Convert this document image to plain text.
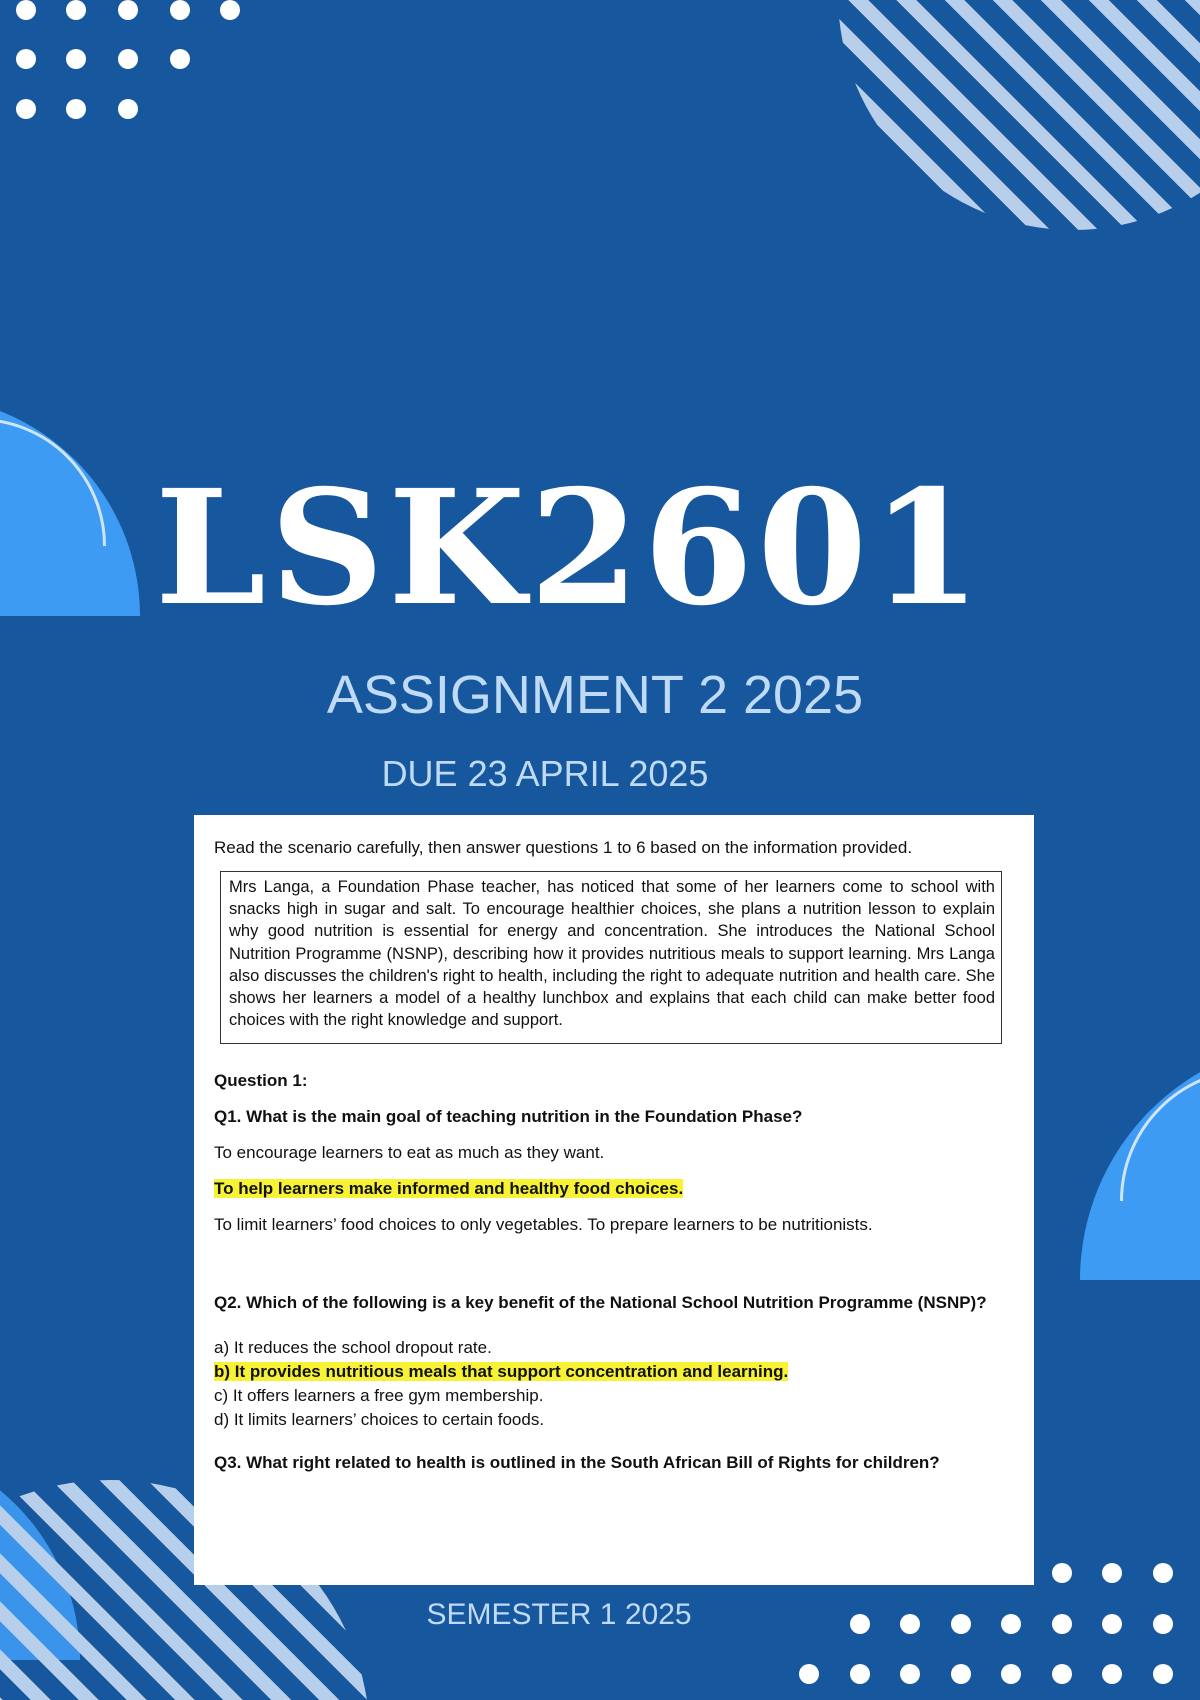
LSK2601
ASSIGNMENT 2 2025
DUE 23 APRIL 2025

Read the scenario carefully, then answer questions 1 to 6 based on the information provided.

Mrs Langa, a Foundation Phase teacher, has noticed that some of her learners come to school with snacks high in sugar and salt. To encourage healthier choices, she plans a nutrition lesson to explain why good nutrition is essential for energy and concentration. She introduces the National School Nutrition Programme (NSNP), describing how it provides nutritious meals to support learning. Mrs Langa also discusses the children's right to health, including the right to adequate nutrition and health care. She shows her learners a model of a healthy lunchbox and explains that each child can make better food choices with the right knowledge and support.
Question 1:
Q1. What is the main goal of teaching nutrition in the Foundation Phase?
To encourage learners to eat as much as they want.
To help learners make informed and healthy food choices.
To limit learners’ food choices to only vegetables. To prepare learners to be nutritionists.
Q2. Which of the following is a key benefit of the National School Nutrition Programme (NSNP)?
a) It reduces the school dropout rate.
b) It provides nutritious meals that support concentration and learning.
c) It offers learners a free gym membership.
d) It limits learners’ choices to certain foods.
Q3. What right related to health is outlined in the South African Bill of Rights for children?
SEMESTER 1 2025
